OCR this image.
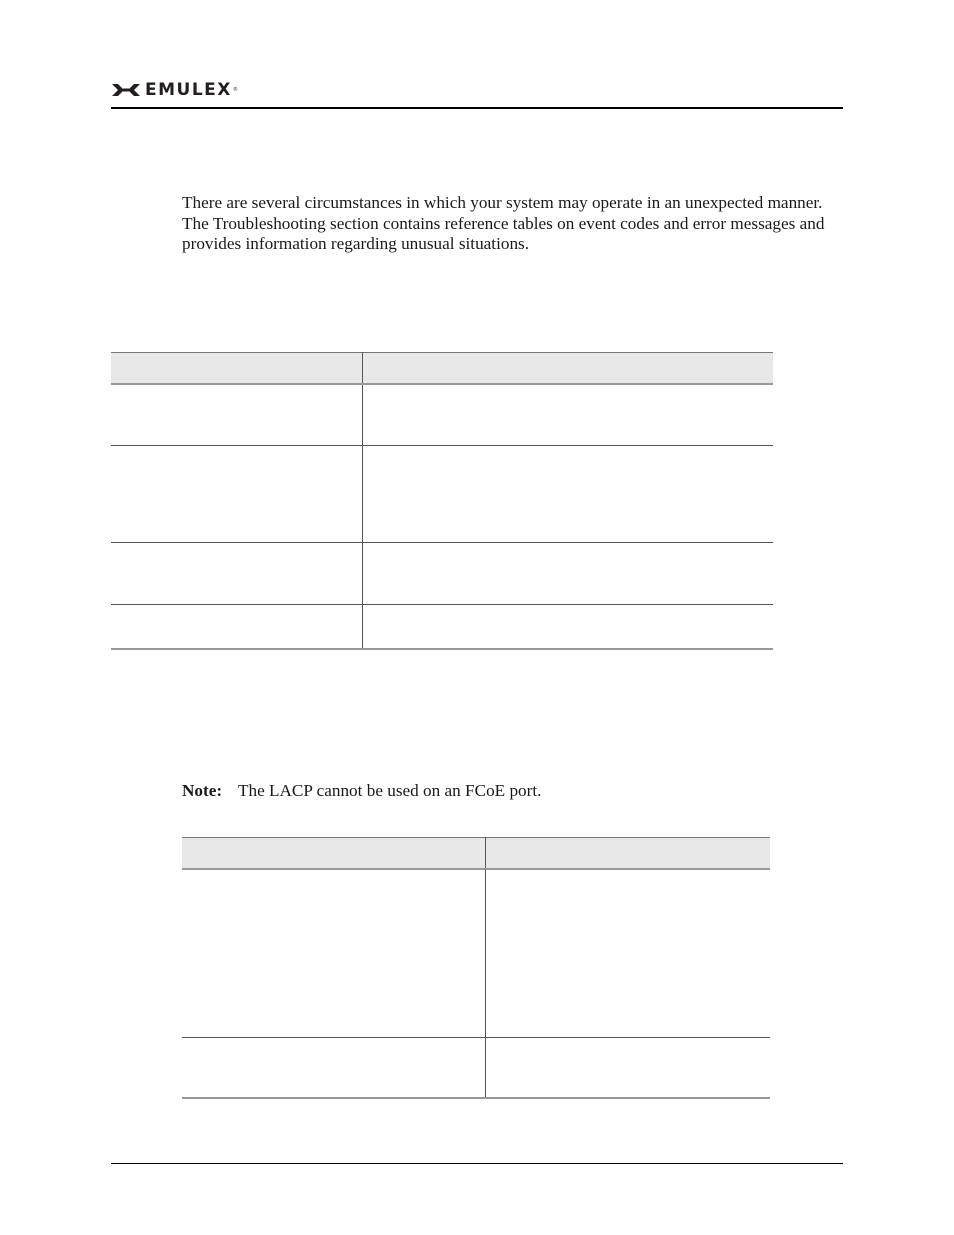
EMULEX ®

There are several circumstances in which your system may operate in an unexpected manner. The Troubleshooting section contains reference tables on event codes and error messages and provides information regarding unusual situations.

Note: The LACP cannot be used on an FCoE port.
